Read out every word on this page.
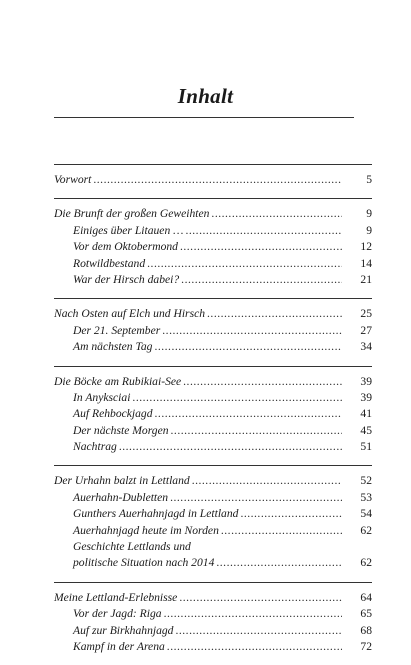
Inhalt
Vorwort .....	5
Die Brunft der großen Geweihten .....	9
Einiges über Litauen … .....	9
Vor dem Oktobermond .....	12
Rotwildbestand .....	14
War der Hirsch dabei? .....	21
Nach Osten auf Elch und Hirsch .....	25
Der 21. September .....	27
Am nächsten Tag .....	34
Die Böcke am Rubikiai-See .....	39
In Anyksciai .....	39
Auf Rehbockjagd .....	41
Der nächste Morgen .....	45
Nachtrag .....	51
Der Urhahn balzt in Lettland .....	52
Auerhahn-Dubletten .....	53
Gunthers Auerhahnjagd in Lettland .....	54
Auerhahnjagd heute im Norden .....	62
Geschichte Lettlands und
politische Situation nach 2014 .....	62
Meine Lettland-Erlebnisse .....	64
Vor der Jagd: Riga .....	65
Auf zur Birkhahnjagd .....	68
Kampf in der Arena .....	72
